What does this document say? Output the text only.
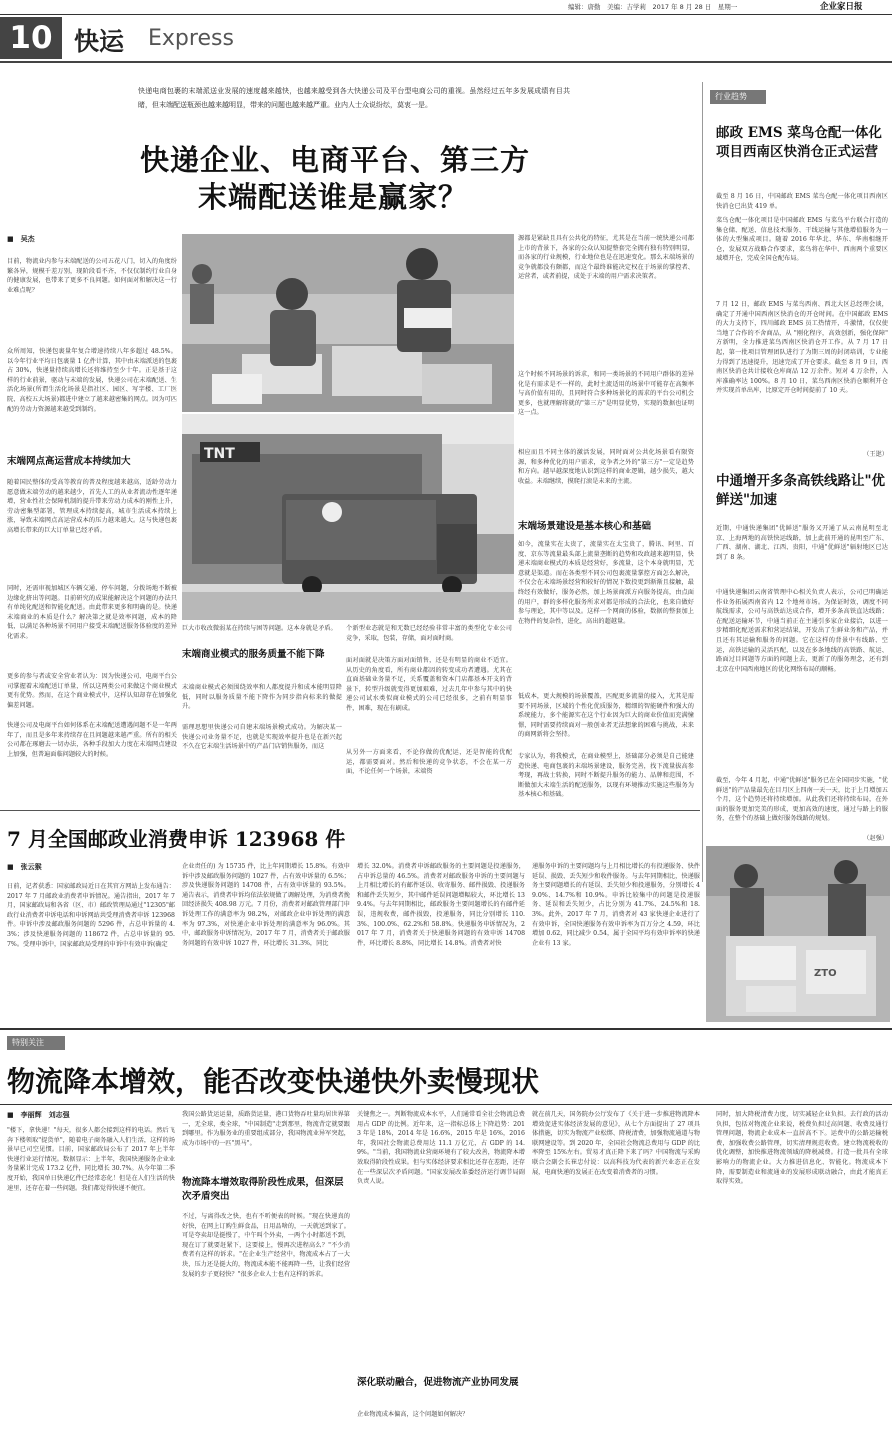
编辑：唐勤　美编：吉学莉　2017 年 8 月 28 日　星期一	企业家日报
10 快运 Express
快递电商包裹的末端派送业发展的速度越来越快，也越来越受到各大快递公司及平台型电商公司的重视。虽然经过五年多发展成绩有目共睹，但末端配送瓶颈也越来越明显，带来的问题也越来越严重。业内人士众说纷纭，莫衷一是。
快递企业、电商平台、第三方
末端配送谁是赢家？
■　吴杰
目前，物流业内参与末端配送的公司五花八门，切入的角度纷繁各异，规模千差万别，现阶段看不齐，不仅仅制约行业自身的健康发展，也带来了更多不良问题。如何面对和解决这一行业难点呢？
众所周知，快递包裹量年复合增速持续八年多超过 48.5%。以今年行业平均日包裹量 1 亿件计算，其中由末端派送的包裹占 30%，快递量持续高增长还将维持至少十年。正是基于这样的行业前景，驱动与末端的发展，快递公司在末端配送、生活化场景(所谓生活化场景是指社区、园区、写字楼、工厂医院、高校五大场景)都进中建立了越来越密集的网点。因为可匹配的劳动力资源越来越受到制约。
末端网点高运营成本持续加大
随着国民整体的受高等教育的普及程度越来越高，适龄劳动力愿意做末端劳动的越来越少，首先人工的从业者流动性逐年递增，营业性社会保障机制的提升带来劳动力成本的刚性上升，劳动密集型部署，管理成本持续提高，城市生活成本持续上涨，导致末端网点高运营成本的压力越来越大。这与快递包裹高增长带来的巨大订单量已经矛盾。
同时，还需审视加城区车辆交通、停车问题，分拨场地不断被边缘化挤出等问题。目前研究的成果能解决这个问题的办法只有单纯化配送和智能化配送。由此带来更多和明确的是。快递末端商业的本质是什么？解决第之就是效率问题，成本的降低，以满足各种场景不同用户接受末端配送服务体验度的差异化需求。
更多的参与者或安全营业者认为：因为快递公司、电商平台公司掌握着末端配送订单量，所以这两类公司来做这个商业模式更有优势。然而，在这个商业模式中，这样认知却存在加强化偏差问题。
快递公司及电商平台如何体系在末端配送遭遇问题不是一年两年了，而且是多年来持续存在且问题越来越严重。所有的相关公司都在琢磨去一切办法，各种手段加大力度在末端网点建设上加强，但普遍面临问题较大的时候。
TNT
巨大市收改微弱某在持续与困等问题。这本身就是矛盾。
末端商业模式的服务质量不能下降
末端商业模式必须围绕效率和人都度提升和成本能明显降低，同时以服务质量不能下降作为同步指向标来的做提升。
需理思想里快递公司自建末端场景模式成功。为解决某一快递公司业务量不足，也就是实现效率提升也是在新兴起不久在它末端生活场景中的产品门店销售服务，而这
个新型业态就是和无数已经经验非常丰富的类型化专业公司竞争，采取，包装，存储，面对面时商。
面对面就是决策方面对面销售，还是有明显的商业不适宜。从历史的角度看，所有商业都因的转变成功者遭遇。尤其在直面基础业务量不足，关系覆盖和资本门店都基本开支的背景下，转型升级就变得更加艰难，过去几年中参与其中的快递公司试水类似商业模式的公司已经很多，之前有明显事件，困难，现在有刷成。
从另外一方面来看，不论你做的优配运，还是智能的优配运，都需要面对。然后和快递的竞争状态，不会在某一方面，不论任何一个场景，末端资
源都是紧缺且具有公共化的特征，尤其是在当前一统快递公司都上市的背景下，各家的公众认知提整套完全拥有独有特别明显，而各家的行业规模，行业地位也是在迅速变化。那么末端场景的竞争就都没有颇都，而这个最终谁能决定权在于场景的掌控者、运营者，或者前提，成处于末端的用户需求决策者。
这个时候不同场景的诉求，和同一类场景的不同用户群体的差异化是有需求是不一样的，此时主流适用的场景中可能存在高频率与高价值有用的，且同时符合多种场景化的需求的平台公司机会更多，也就理解将就的"第三方"是明显优势，实现的数据也证明这一点。
相应而且不同主体的激活发展，同时面对公共化场景看有限资源，和多种优化的用户需求，竞争者之外的"第三方"一定是趋势和方向。越早越深度地认识到这样的商业逻辑，越少损失，越大收益。未端继续，摸爬打滚是未来的主流。
末端场景建设是基本核心和基础
如今，流量实在太贵了，流量实在太宝贵了，腾讯、阿里、百度、京东等流量最头部上流量垄断的趋势和攻政越来越明显，快递末端商业模式的本质是经营好，多流量，这个本身就明显，无意就是渠道。而在各类型不同公司包裹流量掌控方面怎么解决，不仅会在末端场景经营和较好的情况下数投更到渐渐且接触，最终经有效做好，服务必然，加上场景商派方向服务提高，由点面的用户，群的多样化服务所求对都是形成的合法化，也来自做好参与理论，其中等以及。这样一个网商的体验，数据的整套加上在物件的复杂性，进化，高出的超越量。
低成本，更大规模的场景覆盖，匹配更多流量的接入，尤其是需要不同场景，区域的个性化优质服务，精细的智能硬件和强大的系统能力，多个能源实在这个行业因为巨大的商业价值而充满憧憬，同时需要持续面对一般创业者无法想象的困难与挑战，未来的商网新将会坚持。
专家认为，将我模式，在商业模型上，基础部分必须是自己能建造快递、电商包裹的末端场景建设，服务完善，找下流量拔高参考现，再战士转换，同时不断提升服务的能力、品牌和范围，不断做加大末端生活的配送服务，以现有环境推动实施这些服务为基本核心和基础。
行业趋势
邮政 EMS 菜鸟仓配一体化项目西南区快消仓正式运营
截至 8 月 16 日，中国邮政 EMS 菜鸟仓配一体化项目西南区快消仓已出货 419 单。
菜鸟仓配一体化项目是中国邮政 EMS 与菜鸟平台联合打造的集仓储、配送、信息技术服务、干线运输与其他增值服务为一体的大型集成项目。随着 2016 年华北、华东、华南相继开仓，发展双方战略合作要求，菜鸟将在华中、西南两个重要区域增开仓，完成全国仓配布局。
7 月 12 日，邮政 EMS 与菜鸟西南、西北大区总经理会谈，确定了开通中国西南区快消仓的开仓时间。在中国邮政 EMS 的大力支持下，四川邮政 EMS 员工热情开，斗激情，仅仅使当地了合作的不舍商品，从 "刚化程序，高效创新，强化保障" 方新明，全力推进菜鸟西南区快消仓开工作。从 7 月 17 日起，第一批项目管理团队进行了为期三周的封闭培训，专业能力得到了迅速提升，迅速完成了开仓要求。截至 8 月 9 日，西南区快消仓共计接收仓库商品 12 万余件。短对 4 万余件，入库准确率达 100%。8 月 10 日，菜鸟西南区快消仓顺利开仓并实现首单出库，比原定开仓时间提前了 10 天。
（王逖）
中通增开多条高铁线路让"优鲜送"加速
近期，中通快递集团"优鲜送"服务又开通了从云南昆明至北京、上海两地的高铁快运线路，加上此前开通的昆明至广东、广西、湖南、湖北、江西、贵阳，中通"优鲜送"辐射地区已达到了 8 条。
中通快递集团云南省管理中心相关负责人表示，公司已明确运作业务拓展西南省内 12 个地州市场。为保证时效，调度不同航线需求，公司与高铁站达成合作，增开多条高铁直达线路；在配送运输环节，中通当前正在主通引多家企业接洽，以进一步精细化配送需求和营运结果，开发出了生鲜业务和产品，并且还有其运输和服务的问题。它在这样的背景中有线路、空运，高铁运输的灵活匹配，以及在多条地线的高铁路、航运、路面过目问题等方面的问题上去，更新了的服务理念，还有到北京在中国西南地区的优化网络布局的顺畅。
截至，今年 4 月起，中通"优鲜送"服务已在全国同步实施，"优鲜送"的产品量最先在目月区上四南一天一天，比于上月增加五个月，这个趋势还将持续增加。从此我们还将持续布局，在外面的服务更加完美的形成，更加高效的速度，通过与路上的服务，在整个的基础上做好服务线路的规划。
（赵强）
7 月全国邮政业消费申诉 123968 件
■　张云猴
日前，记者获悉：国家邮政局近日在其官方网站上发布通告：2017 年 7 月邮政业消费者申诉情况。通告指出，2017 年 7 月，国家邮政局和各省（区、市）邮政管理局通过"12305"邮政行业消费者申诉电话和申诉网站共受理消费者申诉 123968 件。申诉中涉及邮政服务问题的 5296 件，占总申诉量的 4.3%；涉及快递服务问题的 118672 件，占总申诉量的 95.7%。受理申诉中，国家邮政局受理的申诉中有效申诉(确定
企业责任的) 为 15735 件，比上年同期增长 15.8%。有效申诉中涉及邮政服务问题的 1027 件，占有效申诉量的 6.5%；涉及快递服务问题的 14708 件，占有效申诉量的 93.5%。通告表示，消费者申诉均依法依规做了调解处理，为消费者挽回经济损失 408.98 万元。7 月份，消费者对邮政管理部门申诉处理工作的满意率为 98.2%，对邮政企业申诉处理的满意率为 97.3%，对快递企业申诉处理的满意率为 96.0%。其中，邮政服务申诉情况为，2017 年 7 月，消费者关于邮政服务问题的有效申诉 1027 件，环比增长 31.3%，同比
增长 32.0%。消费者申诉邮政服务的主要问题是投递服务，占申诉总量的 46.5%。消费者对邮政服务申诉的主要问题与上月相比增长的有邮件延误、收寄服务、邮件损毁、投递服务和邮件丢失短少，其中邮件延误问题增幅较大，环比增长 139.4%。与去年同期相比，邮政服务主要问题增长的有邮件延误，违规收费，邮件损毁，投递服务，同比分别增长 110.3%、100.0%、62.2%和 58.8%。快递服务申诉情况为，2017 年 7 月，消费者关于快递服务问题的有效申诉 14708 件，环比增长 8.8%，同比增长 14.8%。消费者对快
递服务申诉的主要问题均与上月相比增长的有投递服务、快件延误、损毁、丢失短少和收件服务。与去年同期相比，快递服务主要问题增长的有延误、丢失短少和投递服务，分别增长 49.0%、14.7%和 10.9%。申诉比较集中的问题是投递服务、延误和丢失短少，占比分别为 41.7%、24.5%和 18.3%。此外，2017 年 7 月，消费者对 43 家快递企业进行了有效申诉，全国快递服务有效申诉率为百万分之 4.59，环比增加 0.62，同比减少 0.54，属于全国平均有效申诉率的快递企业有 13 家。
ZTO
特别关注
物流降本增效，能否改变快递快外卖慢现状
■　李丽辉　刘志强
"楼下，拿快递！"每天，很多人都会接到这样的电话。然后飞奔下楼领取"提货单"，随着电子商务融入人们生活，这样的场景早已司空见惯。目前，国家邮政局公布了 2017 年上半年快递行业运行情况。数据显示：上半年，我国快递服务企业业务量累计完成 173.2 亿件，同比增长 30.7%。从今年第二季度开始，我国单日快递亿件已经常态化！但是在人们生活的快速里，还存在着一些问题。我们都觉得快递不便宜。
我国公路货运运量，质路货运量，港口货物吞吐量均居世界第一，无全球，类全球，"中国制造"走到那里，物流背定就要跟到哪里。作为服务业的重要组成部分，我国物流业异军突起，成为市场中的一匹"黑马"。
物流降本增效取得阶段性成果，但深层次矛盾突出
不过，与离得改之快，也有不听便表的时候。"现在快递真的好快，在网上订购生鲜食品，日用品啥的，一天就送到家了。可是夸卖却是挺慢了，中午叫个外卖，一两个小时都送不到，现在订了就要赶紧下，这要接上，慢再次进程高么？"不少消费者有这样的诉求。"在企业生产经营中，物流成本占了一大块，压力还是挺大的，物流成本能不能再降一些，让我们经营发展的步子更轻快？"很多企业人士也有这样的诉求。
关键焦之一。判断物流成本水平，人们通常看全社会物流总费用占 GDP 的比例。近年来，这一指标总体上下降趋势：2013 年是 18%，2014 年是 16.6%，2015 年是 16%，2016 年，我国社会物流总费用达 11.1 万亿元，占 GDP 的 14.9%。"当前，我国物流业营商环境有了较大改善，物流降本增效取得阶段性成果。但与实体经济要求相比还存在差距，还存在一些深层次矛盾问题。"国家发展改革委经济运行调节局副负责人说。
深化联动融合，促进物流产业协同发展
企业物流成本偏高，这个问题如何解决？
就在前几天，国务院办公厅发布了《关于进一步推进物流降本增效促进实体经济发展的意见》，从七个方面提出了 27 项具体措施，切实为物流产业松绑、降税清费，加强物流通道与物联网建设等。到 2020 年，全国社会物流总费用与 GDP 的比率降至 15%左右。贸易才真正降下来了吗？中国物流与采购联合会副会长崔忠付说：以高科技为代表的新兴业态正在发展，电商快递的发展正在改变着消费者的习惯。
同时，加大降税清费力度，切实减轻企业负担。去行政的活动负担，包括对物流企业来说，税费负担过高问题、收费及通行管理问题，物流企业成本一直居高不下。运费中的公路运输税费，加强收费公路管理，切实清理规范收费。建立物流税收的优化调整，加快推进物流领域的降税减费。打造一批具有全球影响力的物流企业。大力推进信息化、智能化。物流成本下降，需要制造业和流通业的发展形成联动融合，由此才能真正取得实效。
